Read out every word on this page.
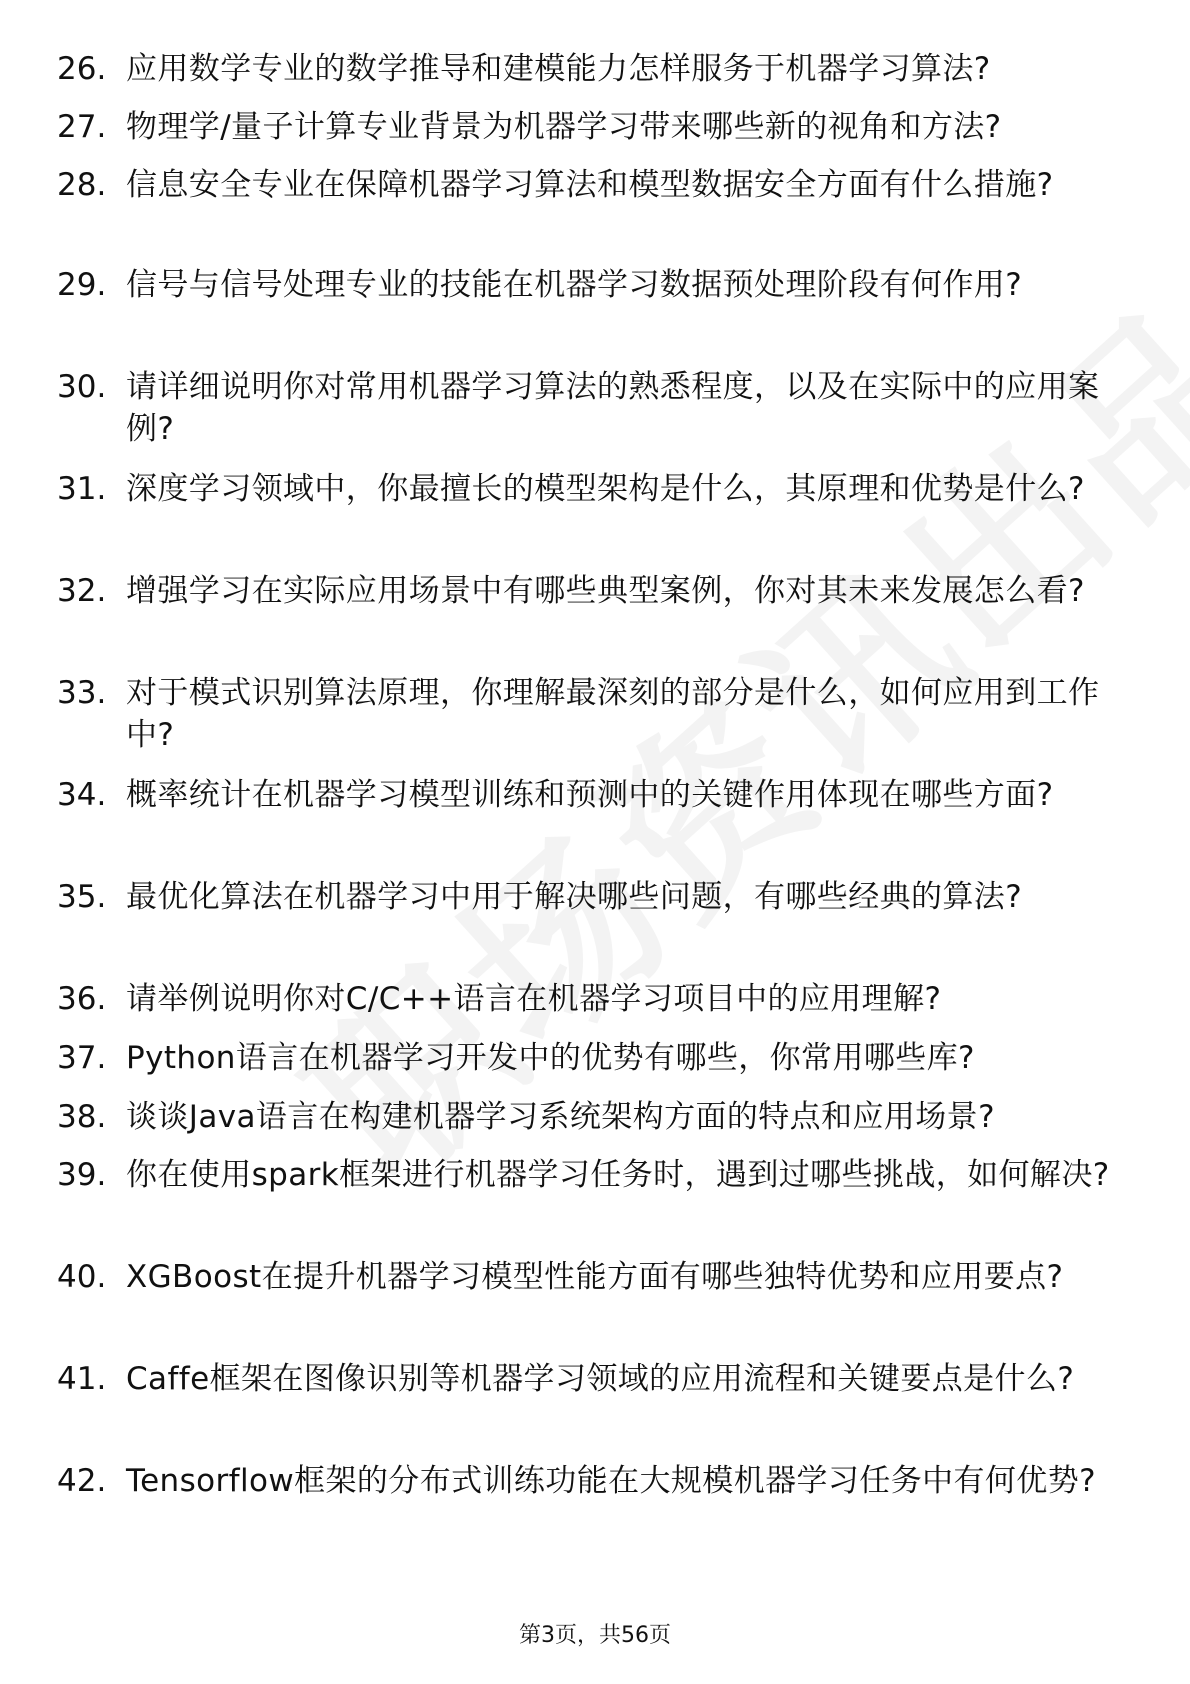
26. 应用数学专业的数学推导和建模能力怎样服务于机器学习算法?
27. 物理学/量子计算专业背景为机器学习带来哪些新的视角和方法?
28. 信息安全专业在保障机器学习算法和模型数据安全方面有什么措施?
29. 信号与信号处理专业的技能在机器学习数据预处理阶段有何作用?
30. 请详细说明你对常用机器学习算法的熟悉程度，以及在实际中的应用案例?
31. 深度学习领域中，你最擅长的模型架构是什么，其原理和优势是什么?
32. 增强学习在实际应用场景中有哪些典型案例，你对其未来发展怎么看?
33. 对于模式识别算法原理，你理解最深刻的部分是什么，如何应用到工作中?
34. 概率统计在机器学习模型训练和预测中的关键作用体现在哪些方面?
35. 最优化算法在机器学习中用于解决哪些问题，有哪些经典的算法?
36. 请举例说明你对C/C++语言在机器学习项目中的应用理解?
37. Python语言在机器学习开发中的优势有哪些，你常用哪些库?
38. 谈谈Java语言在构建机器学习系统架构方面的特点和应用场景?
39. 你在使用spark框架进行机器学习任务时，遇到过哪些挑战，如何解决?
40. XGBoost在提升机器学习模型性能方面有哪些独特优势和应用要点?
41. Caffe框架在图像识别等机器学习领域的应用流程和关键要点是什么?
42. Tensorflow框架的分布式训练功能在大规模机器学习任务中有何优势?
第3页，共56页
